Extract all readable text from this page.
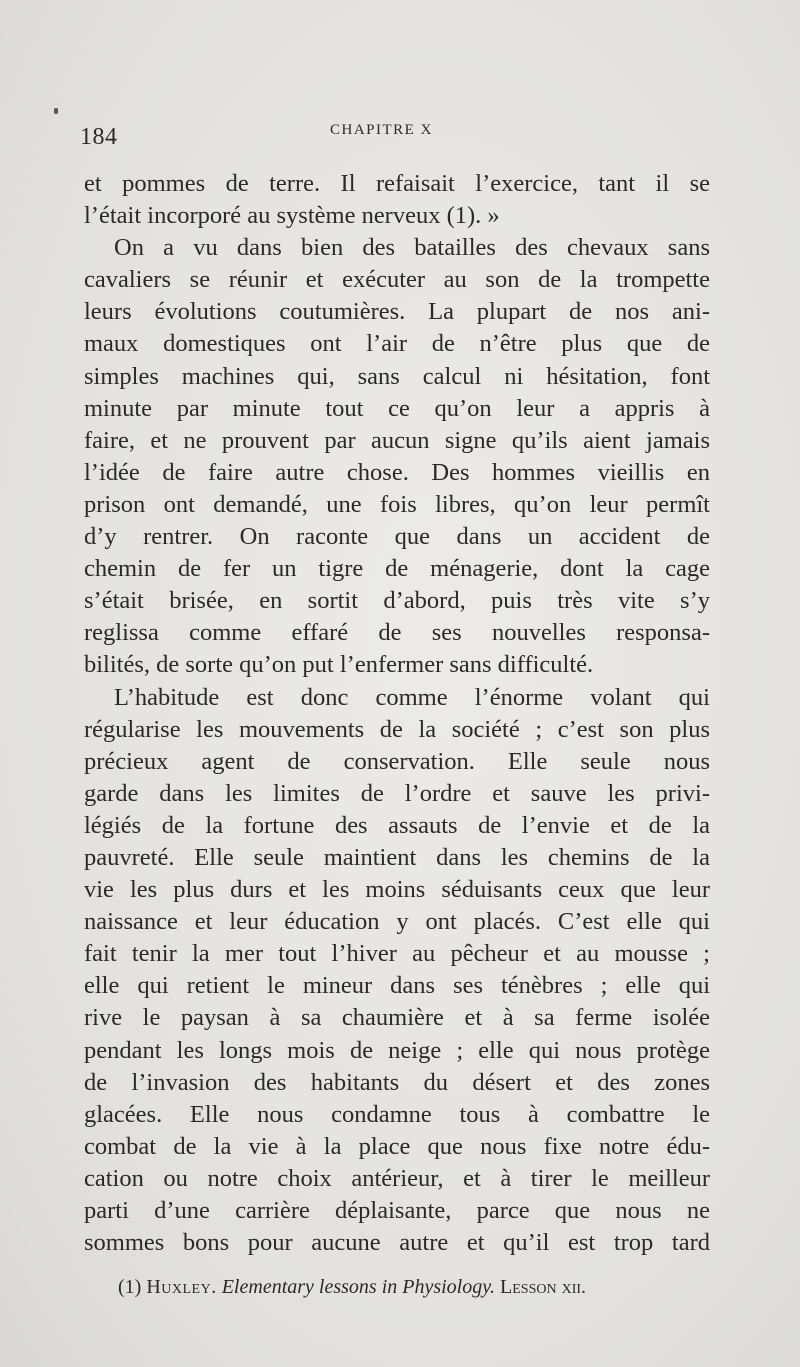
184	CHAPITRE X
et pommes de terre. Il refaisait l’exercice, tant il se
l’était incorporé au système nerveux (1). »
On a vu dans bien des batailles des chevaux sans
cavaliers se réunir et exécuter au son de la trompette
leurs évolutions coutumières. La plupart de nos ani-
maux domestiques ont l’air de n’être plus que de
simples machines qui, sans calcul ni hésitation, font
minute par minute tout ce qu’on leur a appris à
faire, et ne prouvent par aucun signe qu’ils aient jamais
l’idée de faire autre chose. Des hommes vieillis en
prison ont demandé, une fois libres, qu’on leur permît
d’y rentrer. On raconte que dans un accident de
chemin de fer un tigre de ménagerie, dont la cage
s’était brisée, en sortit d’abord, puis très vite s’y
reglissa comme effaré de ses nouvelles responsa-
bilités, de sorte qu’on put l’enfermer sans difficulté.
L’habitude est donc comme l’énorme volant qui
régularise les mouvements de la société ; c’est son plus
précieux agent de conservation. Elle seule nous
garde dans les limites de l’ordre et sauve les privi-
légiés de la fortune des assauts de l’envie et de la
pauvreté. Elle seule maintient dans les chemins de la
vie les plus durs et les moins séduisants ceux que leur
naissance et leur éducation y ont placés. C’est elle qui
fait tenir la mer tout l’hiver au pêcheur et au mousse ;
elle qui retient le mineur dans ses ténèbres ; elle qui
rive le paysan à sa chaumière et à sa ferme isolée
pendant les longs mois de neige ; elle qui nous protège
de l’invasion des habitants du désert et des zones
glacées. Elle nous condamne tous à combattre le
combat de la vie à la place que nous fixe notre édu-
cation ou notre choix antérieur, et à tirer le meilleur
parti d’une carrière déplaisante, parce que nous ne
sommes bons pour aucune autre et qu’il est trop tard
(1) Huxley. Elementary lessons in Physiology. Lesson xii.
